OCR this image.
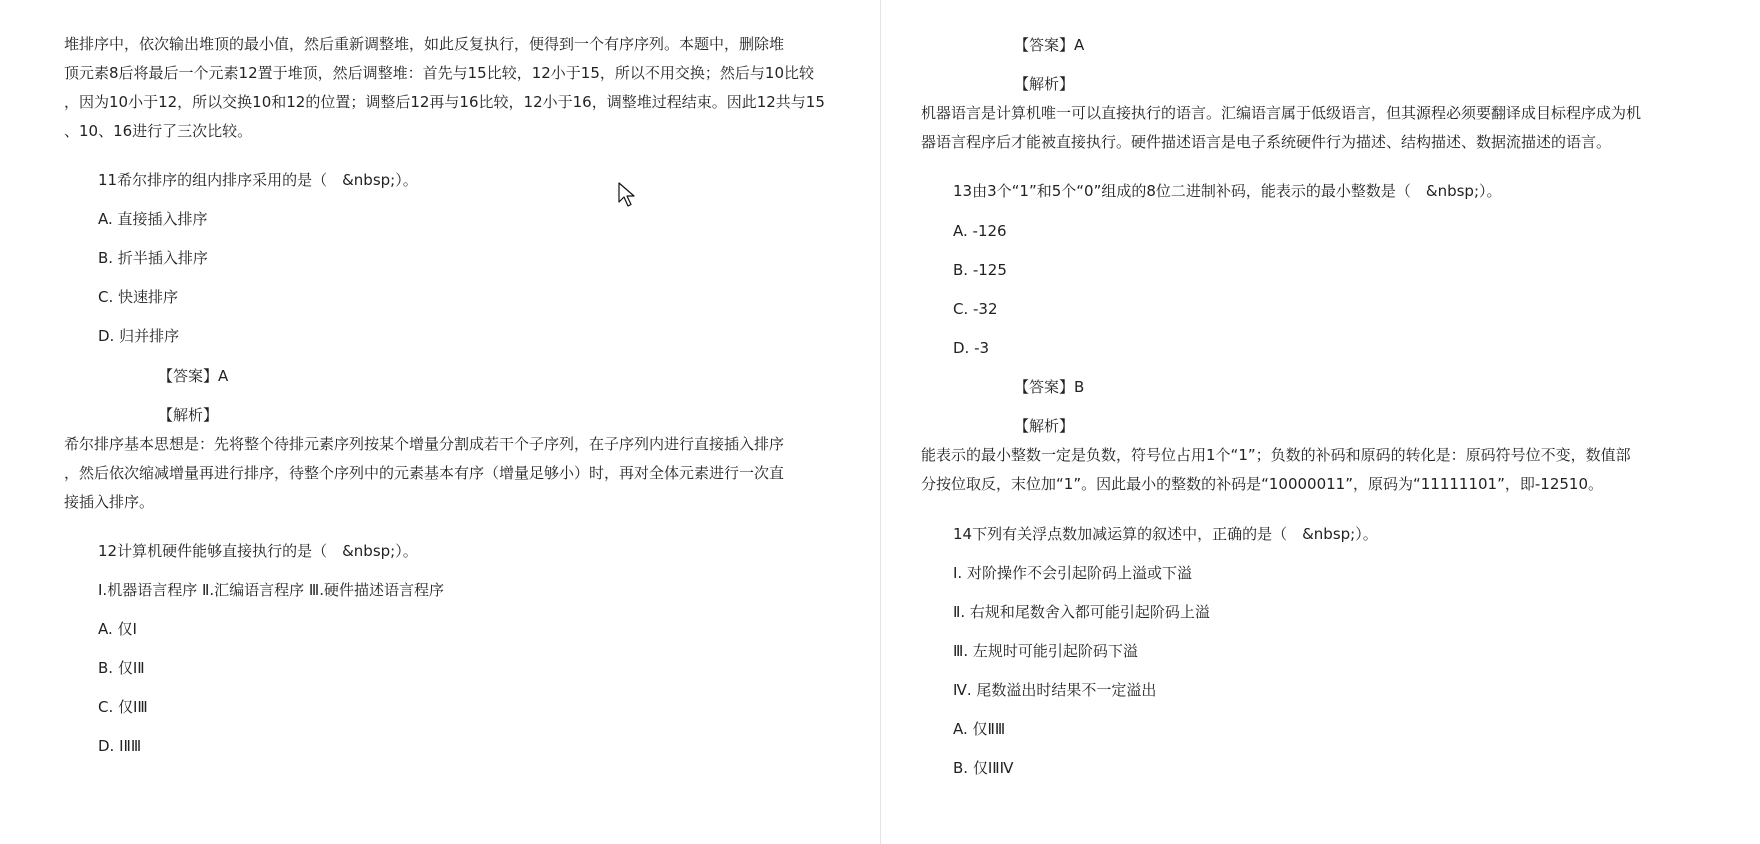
堆排序中，依次输出堆顶的最小值，然后重新调整堆，如此反复执行，便得到一个有序序列。本题中，删除堆
顶元素8后将最后一个元素12置于堆顶，然后调整堆：首先与15比较，12小于15，所以不用交换；然后与10比较
，因为10小于12，所以交换10和12的位置；调整后12再与16比较，12小于16，调整堆过程结束。因此12共与15
、10、16进行了三次比较。
11希尔排序的组内排序采用的是（　&nbsp;）。
A. 直接插入排序
B. 折半插入排序
C. 快速排序
D. 归并排序
【答案】A
【解析】
希尔排序基本思想是：先将整个待排元素序列按某个增量分割成若干个子序列，在子序列内进行直接插入排序
，然后依次缩减增量再进行排序，待整个序列中的元素基本有序（增量足够小）时，再对全体元素进行一次直
接插入排序。
12计算机硬件能够直接执行的是（　&nbsp;）。
Ⅰ.机器语言程序 Ⅱ.汇编语言程序 Ⅲ.硬件描述语言程序
A. 仅Ⅰ
B. 仅ⅠⅡ
C. 仅ⅠⅢ
D. ⅠⅡⅢ
【答案】A
【解析】
机器语言是计算机唯一可以直接执行的语言。汇编语言属于低级语言，但其源程必须要翻译成目标程序成为机
器语言程序后才能被直接执行。硬件描述语言是电子系统硬件行为描述、结构描述、数据流描述的语言。
13由3个“1”和5个“0”组成的8位二进制补码，能表示的最小整数是（　&nbsp;）。
A. -126
B. -125
C. -32
D. -3
【答案】B
【解析】
能表示的最小整数一定是负数，符号位占用1个“1”；负数的补码和原码的转化是：原码符号位不变，数值部
分按位取反，末位加“1”。因此最小的整数的补码是“10000011”，原码为“11111101”，即-12510。
14下列有关浮点数加减运算的叙述中，正确的是（　&nbsp;）。
Ⅰ. 对阶操作不会引起阶码上溢或下溢
Ⅱ. 右规和尾数舍入都可能引起阶码上溢
Ⅲ. 左规时可能引起阶码下溢
Ⅳ. 尾数溢出时结果不一定溢出
A. 仅ⅡⅢ
B. 仅ⅠⅡⅣ
